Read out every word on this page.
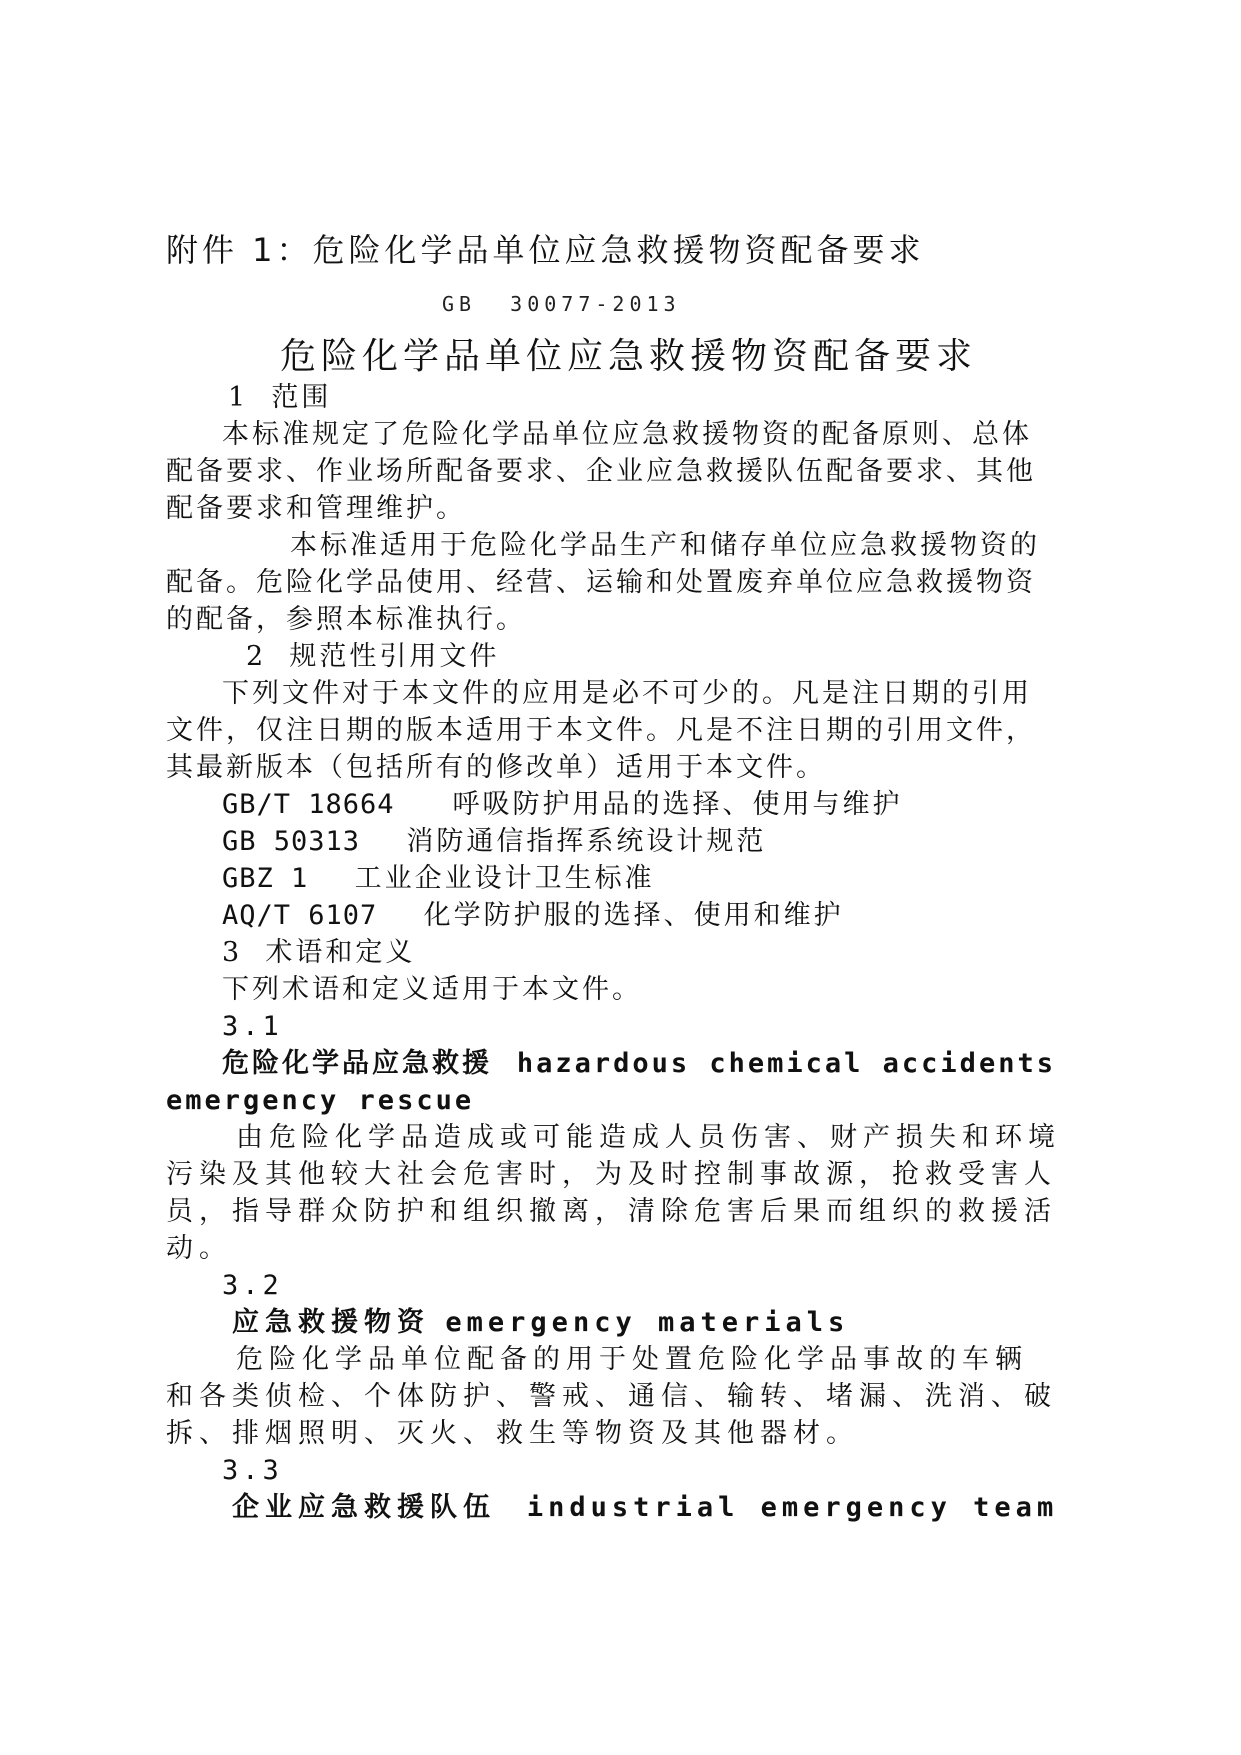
附件 1：危险化学品单位应急救援物资配备要求
GB  30077-2013
危险化学品单位应急救援物资配备要求
1  范围
本标准规定了危险化学品单位应急救援物资的配备原则、总体
配备要求、作业场所配备要求、企业应急救援队伍配备要求、其他
配备要求和管理维护。
本标准适用于危险化学品生产和储存单位应急救援物资的
配备。危险化学品使用、经营、运输和处置废弃单位应急救援物资
的配备，参照本标准执行。
2  规范性引用文件
下列文件对于本文件的应用是必不可少的。凡是注日期的引用
文件，仅注日期的版本适用于本文件。凡是不注日期的引用文件，
其最新版本（包括所有的修改单）适用于本文件。
GB/T 18664 呼吸防护用品的选择、使用与维护
GB 50313 消防通信指挥系统设计规范
GBZ 1 工业企业设计卫生标准
AQ/T 6107 化学防护服的选择、使用和维护
3  术语和定义
下列术语和定义适用于本文件。
3.1
危险化学品应急救援 hazardous chemical accidents
emergency rescue
由危险化学品造成或可能造成人员伤害、财产损失和环境
污染及其他较大社会危害时，为及时控制事故源，抢救受害人
员，指导群众防护和组织撤离，清除危害后果而组织的救援活
动。
3.2
应急救援物资 emergency materials
危险化学品单位配备的用于处置危险化学品事故的车辆
和各类侦检、个体防护、警戒、通信、输转、堵漏、洗消、破
拆、排烟照明、灭火、救生等物资及其他器材。
3.3
企业应急救援队伍 industrial emergency team
